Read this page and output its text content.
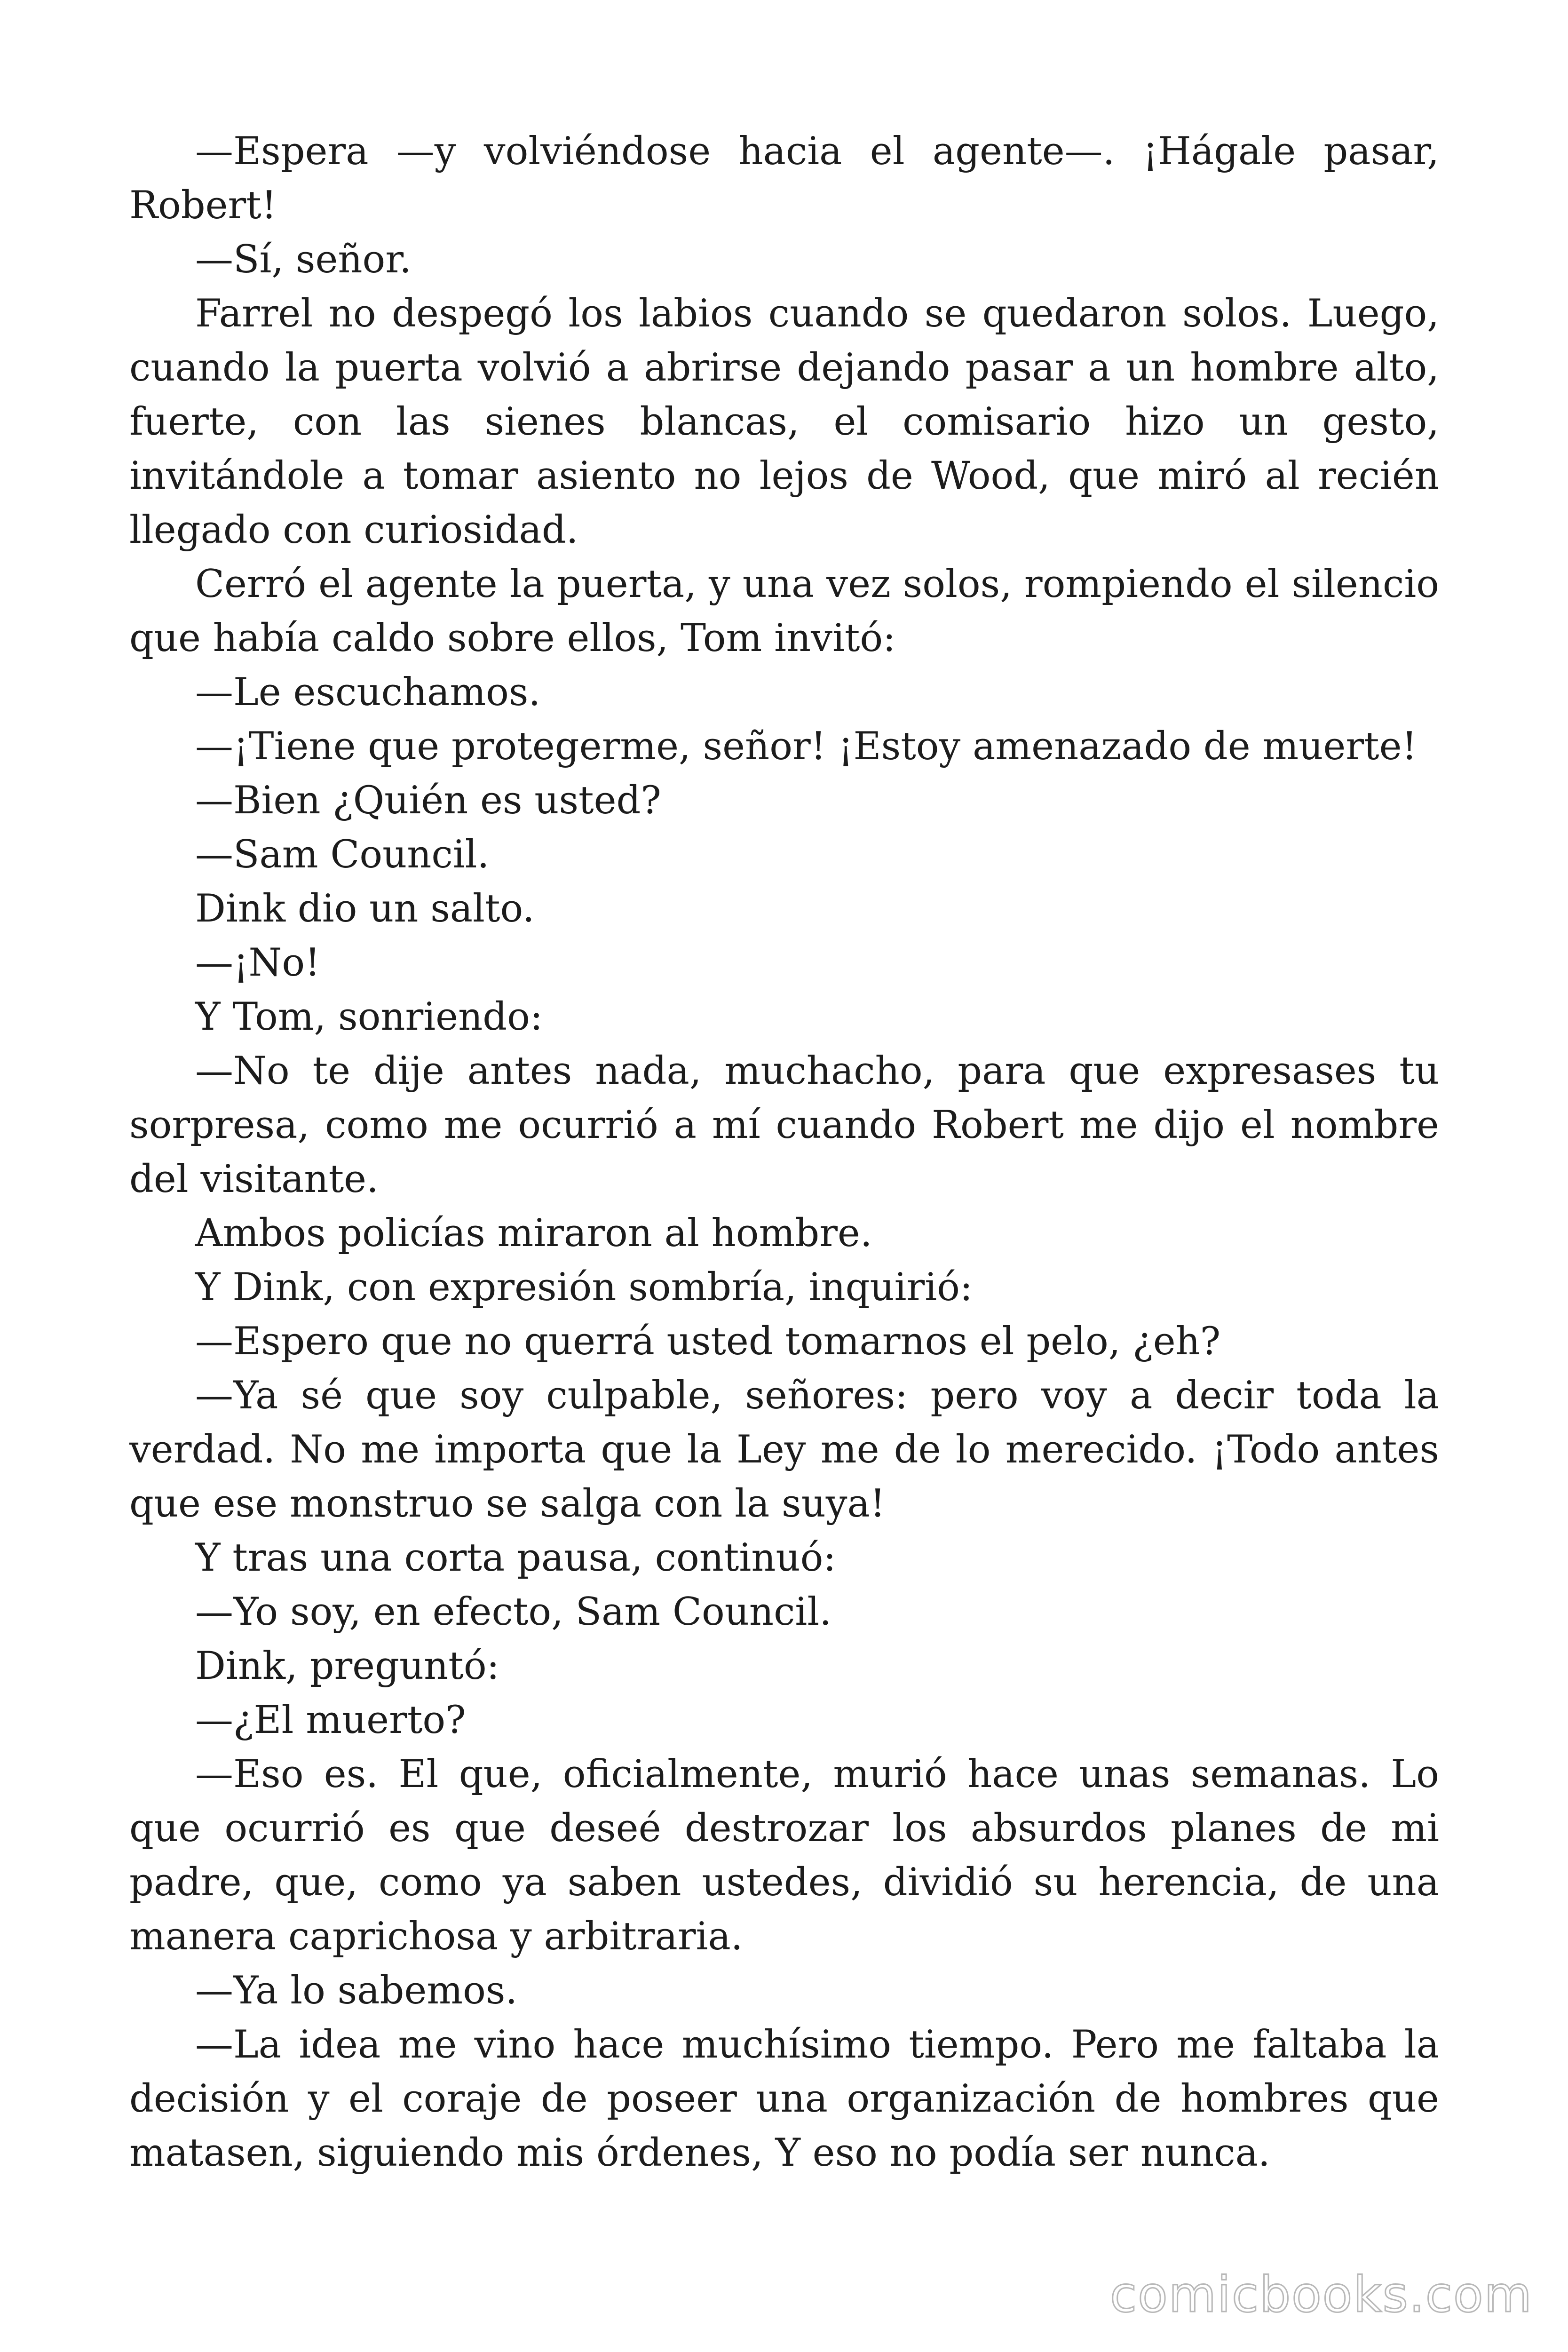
—Espera —y volviéndose hacia el agente—. ¡Hágale pasar, Robert!

—Sí, señor.

Farrel no despegó los labios cuando se quedaron solos. Luego, cuando la puerta volvió a abrirse dejando pasar a un hombre alto, fuerte, con las sienes blancas, el comisario hizo un gesto, invitándole a tomar asiento no lejos de Wood, que miró al recién llegado con curiosidad.

Cerró el agente la puerta, y una vez solos, rompiendo el silencio que había caldo sobre ellos, Tom invitó:

—Le escuchamos.

—¡Tiene que protegerme, señor! ¡Estoy amenazado de muerte!

—Bien ¿Quién es usted?

—Sam Council.

Dink dio un salto.

—¡No!

Y Tom, sonriendo:

—No te dije antes nada, muchacho, para que expresases tu sorpresa, como me ocurrió a mí cuando Robert me dijo el nombre del visitante.

Ambos policías miraron al hombre.

Y Dink, con expresión sombría, inquirió:

—Espero que no querrá usted tomarnos el pelo, ¿eh?

—Ya sé que soy culpable, señores: pero voy a decir toda la verdad. No me importa que la Ley me de lo merecido. ¡Todo antes que ese monstruo se salga con la suya!

Y tras una corta pausa, continuó:

—Yo soy, en efecto, Sam Council.

Dink, preguntó:

—¿El muerto?

—Eso es. El que, oficialmente, murió hace unas semanas. Lo que ocurrió es que deseé destrozar los absurdos planes de mi padre, que, como ya saben ustedes, dividió su herencia, de una manera caprichosa y arbitraria.

—Ya lo sabemos.

—La idea me vino hace muchísimo tiempo. Pero me faltaba la decisión y el coraje de poseer una organización de hombres que matasen, siguiendo mis órdenes, Y eso no podía ser nunca.

comicbooks.com
